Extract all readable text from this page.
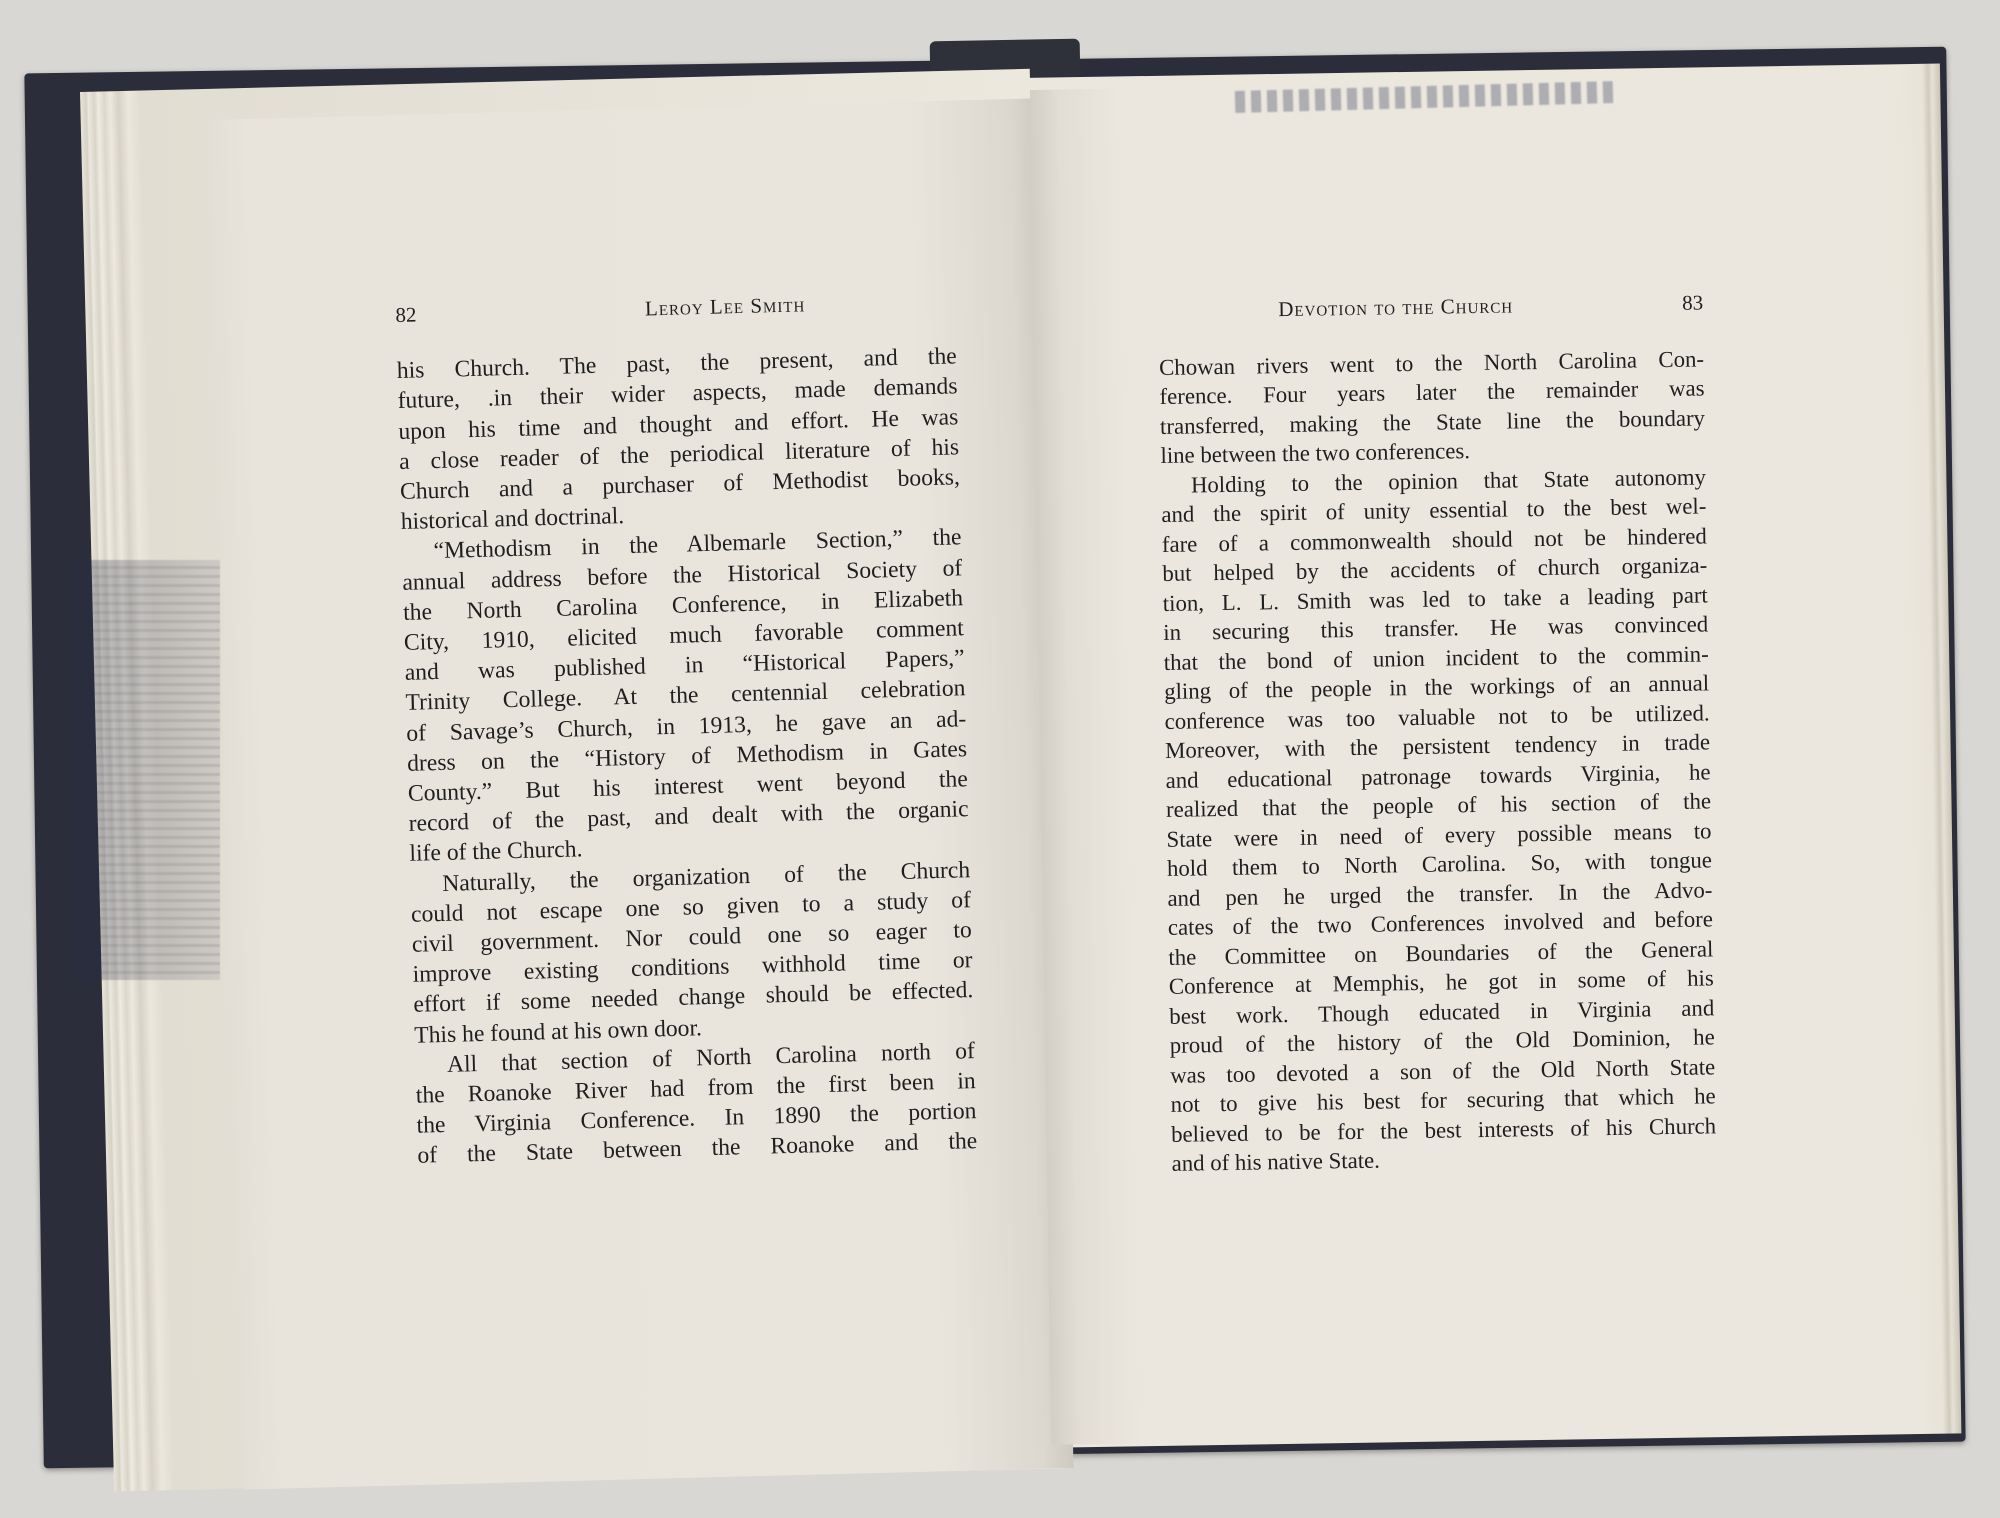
82	Leroy Lee Smith
his Church. The past, the present, and the
future, .in their wider aspects, made demands
upon his time and thought and effort. He was
a close reader of the periodical literature of his
Church and a purchaser of Methodist books,
historical and doctrinal.
“Methodism in the Albemarle Section,” the
annual address before the Historical Society of
the North Carolina Conference, in Elizabeth
City, 1910, elicited much favorable comment
and was published in “Historical Papers,”
Trinity College. At the centennial celebration
of Savage’s Church, in 1913, he gave an ad-
dress on the “History of Methodism in Gates
County.” But his interest went beyond the
record of the past, and dealt with the organic
life of the Church.
Naturally, the organization of the Church
could not escape one so given to a study of
civil government. Nor could one so eager to
improve existing conditions withhold time or
effort if some needed change should be effected.
This he found at his own door.
All that section of North Carolina north of
the Roanoke River had from the first been in
the Virginia Conference. In 1890 the portion
of the State between the Roanoke and the
Devotion to the Church	83
Chowan rivers went to the North Carolina Con-
ference. Four years later the remainder was
transferred, making the State line the boundary
line between the two conferences.
Holding to the opinion that State autonomy
and the spirit of unity essential to the best wel-
fare of a commonwealth should not be hindered
but helped by the accidents of church organiza-
tion, L. L. Smith was led to take a leading part
in securing this transfer. He was convinced
that the bond of union incident to the commin-
gling of the people in the workings of an annual
conference was too valuable not to be utilized.
Moreover, with the persistent tendency in trade
and educational patronage towards Virginia, he
realized that the people of his section of the
State were in need of every possible means to
hold them to North Carolina. So, with tongue
and pen he urged the transfer. In the Advo-
cates of the two Conferences involved and before
the Committee on Boundaries of the General
Conference at Memphis, he got in some of his
best work. Though educated in Virginia and
proud of the history of the Old Dominion, he
was too devoted a son of the Old North State
not to give his best for securing that which he
believed to be for the best interests of his Church
and of his native State.
